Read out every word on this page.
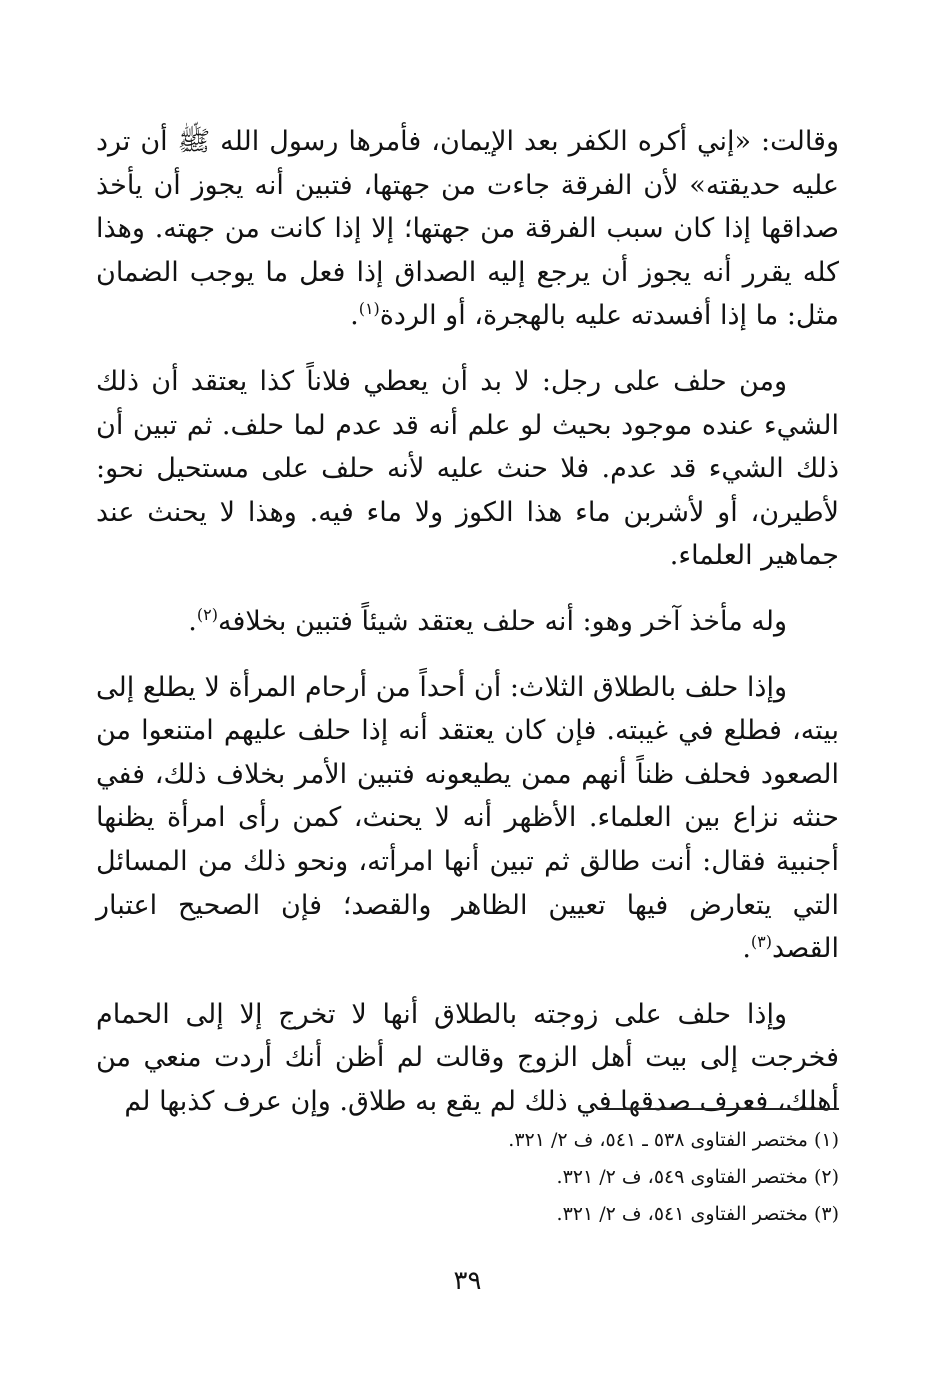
وقالت: «إني أكره الكفر بعد الإيمان، فأمرها رسول الله ﷺ أن ترد عليه حديقته» لأن الفرقة جاءت من جهتها، فتبين أنه يجوز أن يأخذ صداقها إذا كان سبب الفرقة من جهتها؛ إلا إذا كانت من جهته. وهذا كله يقرر أنه يجوز أن يرجع إليه الصداق إذا فعل ما يوجب الضمان مثل: ما إذا أفسدته عليه بالهجرة، أو الردة$^{(١)}$.

ومن حلف على رجل: لا بد أن يعطي فلاناً كذا يعتقد أن ذلك الشيء عنده موجود بحيث لو علم أنه قد عدم لما حلف. ثم تبين أن ذلك الشيء قد عدم. فلا حنث عليه لأنه حلف على مستحيل نحو: لأطيرن، أو لأشربن ماء هذا الكوز ولا ماء فيه. وهذا لا يحنث عند جماهير العلماء.

وله مأخذ آخر وهو: أنه حلف يعتقد شيئاً فتبين بخلافه$^{(٢)}$.

وإذا حلف بالطلاق الثلاث: أن أحداً من أرحام المرأة لا يطلع إلى بيته، فطلع في غيبته. فإن كان يعتقد أنه إذا حلف عليهم امتنعوا من الصعود فحلف ظناً أنهم ممن يطيعونه فتبين الأمر بخلاف ذلك، ففي حنثه نزاع بين العلماء. الأظهر أنه لا يحنث، كمن رأى امرأة يظنها أجنبية فقال: أنت طالق ثم تبين أنها امرأته، ونحو ذلك من المسائل التي يتعارض فيها تعيين الظاهر والقصد؛ فإن الصحيح اعتبار القصد$^{(٣)}$.

وإذا حلف على زوجته بالطلاق أنها لا تخرج إلا إلى الحمام فخرجت إلى بيت أهل الزوج وقالت لم أظن أنك أردت منعي من أهلك، فعرف صدقها في ذلك لم يقع به طلاق. وإن عرف كذبها لم

(١) مختصر الفتاوى ٥٣٨ ـ ٥٤١، ف ٢/ ٣٢١.

(٢) مختصر الفتاوى ٥٤٩، ف ٢/ ٣٢١.

(٣) مختصر الفتاوى ٥٤١، ف ٢/ ٣٢١.

٣٩
